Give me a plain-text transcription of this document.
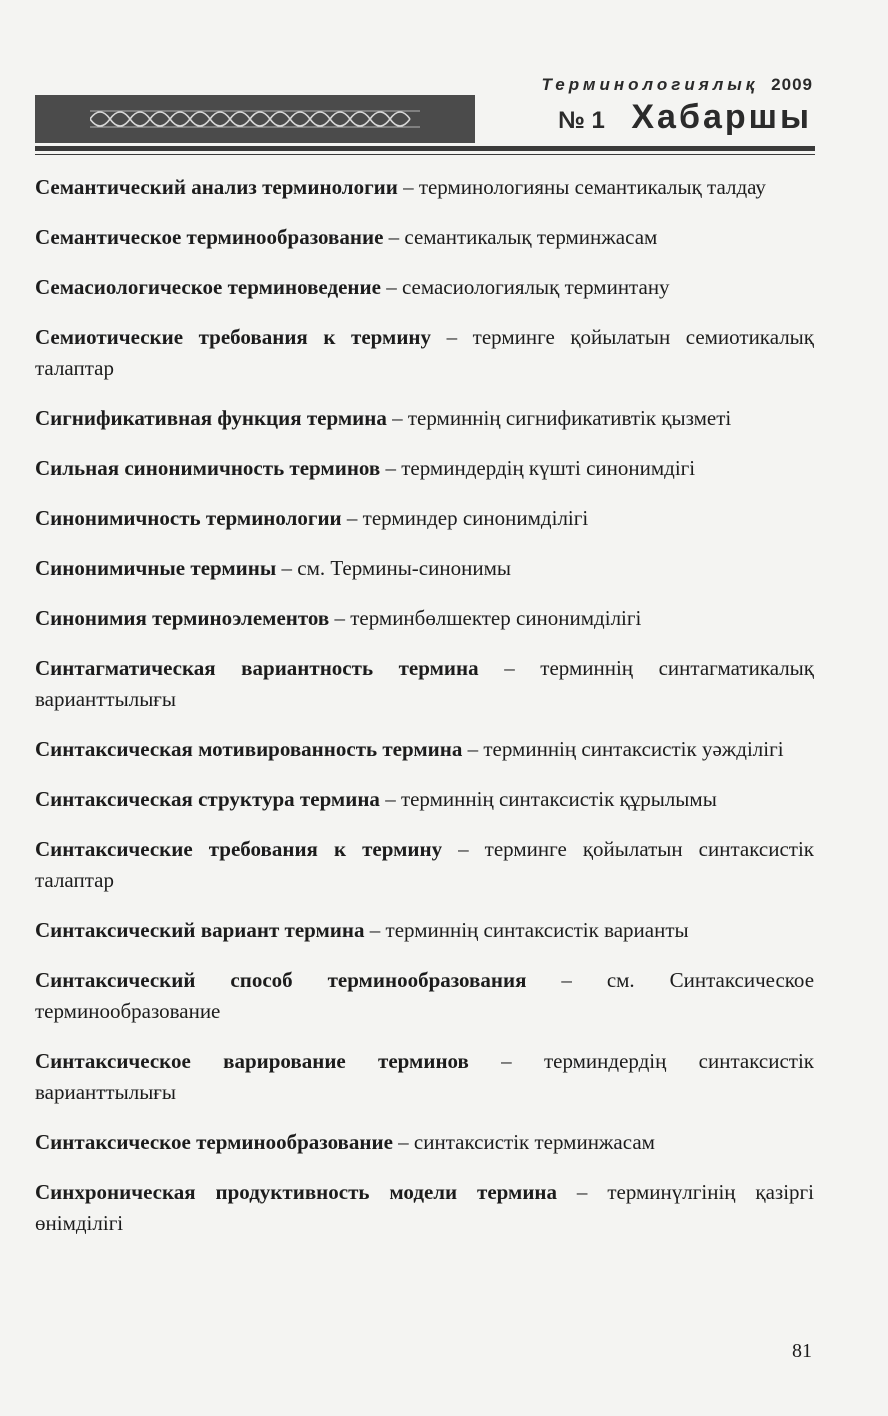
Терминологиялық 2009
№ 1 Хабаршы

Семантический анализ терминологии – терминологияны семантикалық талдау

Семантическое терминообразование – семантикалық терминжасам

Семасиологическое терминоведение – семасиологиялық терминтану

Семиотические требования к термину – терминге қойылатын семиотикалық талаптар

Сигнификативная функция термина – терминнің сигнификативтік қызметі

Сильная синонимичность терминов – терминдердің күшті синонимдігі

Синонимичность терминологии – терминдер синонимділігі

Синонимичные термины – см. Термины-синонимы

Синонимия терминоэлементов – терминбөлшектер синонимділігі

Синтагматическая вариантность термина – терминнің синтагматикалық варианттылығы

Синтаксическая мотивированность термина – терминнің синтаксистік уәжділігі

Синтаксическая структура термина – терминнің синтаксистік құрылымы

Синтаксические требования к термину – терминге қойылатын синтаксистік талаптар

Синтаксический вариант термина – терминнің синтаксистік варианты

Синтаксический способ терминообразования – см. Синтаксическое терминообразование

Синтаксическое варирование терминов – терминдердің синтаксистік варианттылығы

Синтаксическое терминообразование – синтаксистік терминжасам

Синхроническая продуктивность модели термина – терминүлгінің қазіргі өнімділігі

81
